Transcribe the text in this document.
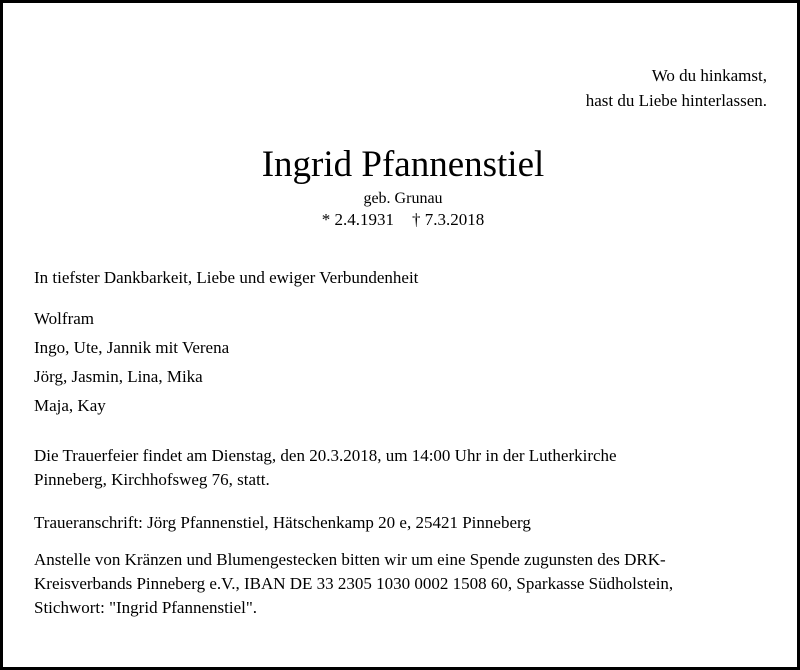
Wo du hinkamst,
hast du Liebe hinterlassen.
Ingrid Pfannenstiel
geb. Grunau
* 2.4.1931 † 7.3.2018
In tiefster Dankbarkeit, Liebe und ewiger Verbundenheit
Wolfram
Ingo, Ute, Jannik mit Verena
Jörg, Jasmin, Lina, Mika
Maja, Kay
Die Trauerfeier findet am Dienstag, den 20.3.2018, um 14:00 Uhr in der Lutherkirche
Pinneberg, Kirchhofsweg 76, statt.
Traueranschrift: Jörg Pfannenstiel, Hätschenkamp 20 e, 25421 Pinneberg
Anstelle von Kränzen und Blumengestecken bitten wir um eine Spende zugunsten des DRK-
Kreisverbands Pinneberg e.V., IBAN DE 33 2305 1030 0002 1508 60, Sparkasse Südholstein,
Stichwort: "Ingrid Pfannenstiel".
